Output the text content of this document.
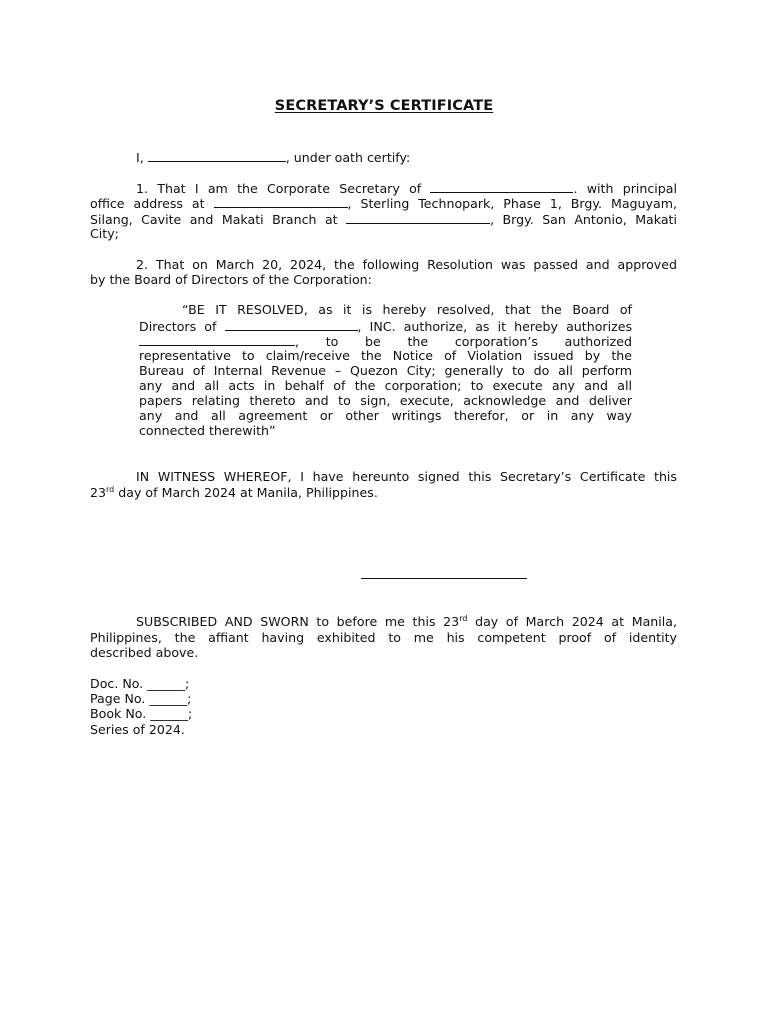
SECRETARY’S CERTIFICATE
I,	, under oath certify:
1. That I am the Corporate Secretary of	. with principal
office address at	, Sterling Technopark, Phase 1, Brgy. Maguyam,
Silang, Cavite and Makati Branch at	, Brgy. San Antonio, Makati
City;
2. That on March 20, 2024, the following Resolution was passed and approved
by the Board of Directors of the Corporation:
“BE IT RESOLVED, as it is hereby resolved, that the Board of
Directors of	, INC. authorize, as it hereby authorizes
, to be the corporation’s authorized
representative to claim/receive the Notice of Violation issued by the
Bureau of Internal Revenue – Quezon City; generally to do all perform
any and all acts in behalf of the corporation; to execute any and all
papers relating thereto and to sign, execute, acknowledge and deliver
any and all agreement or other writings therefor, or in any way
connected therewith”
IN WITNESS WHEREOF, I have hereunto signed this Secretary’s Certificate this
23rd day of March 2024 at Manila, Philippines.
SUBSCRIBED AND SWORN to before me this 23rd day of March 2024 at Manila,
Philippines, the affiant having exhibited to me his competent proof of identity
described above.
Doc. No. ______;
Page No. ______;
Book No. ______;
Series of 2024.
